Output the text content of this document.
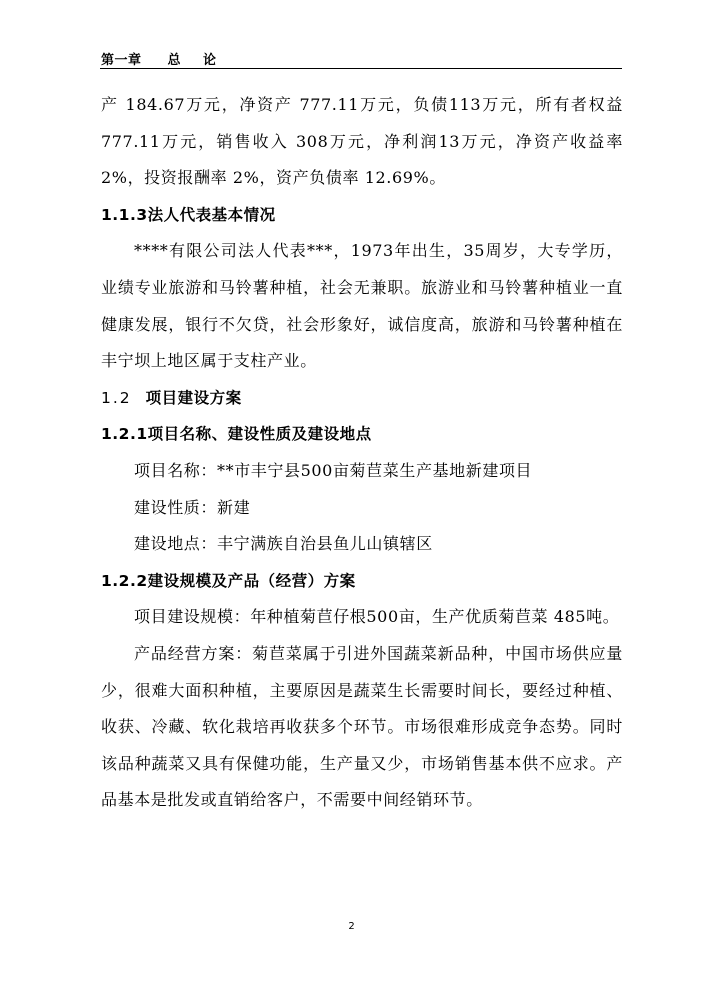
第一章 总 论

产 184.67万元，净资产 777.11万元，负债113万元，所有者权益777.11万元，销售收入 308万元，净利润13万元，净资产收益率 2%，投资报酬率 2%，资产负债率 12.69%。

1.1.3法人代表基本情况

****有限公司法人代表***，1973年出生，35周岁，大专学历，业绩专业旅游和马铃薯种植，社会无兼职。旅游业和马铃薯种植业一直健康发展，银行不欠贷，社会形象好，诚信度高，旅游和马铃薯种植在丰宁坝上地区属于支柱产业。

1.2 项目建设方案

1.2.1项目名称、建设性质及建设地点

项目名称：**市丰宁县500亩菊苣菜生产基地新建项目

建设性质：新建

建设地点：丰宁满族自治县鱼儿山镇辖区

1.2.2建设规模及产品（经营）方案

项目建设规模：年种植菊苣仔根500亩，生产优质菊苣菜 485吨。

产品经营方案：菊苣菜属于引进外国蔬菜新品种，中国市场供应量少，很难大面积种植，主要原因是蔬菜生长需要时间长，要经过种植、收获、冷藏、软化栽培再收获多个环节。市场很难形成竞争态势。同时该品种蔬菜又具有保健功能，生产量又少，市场销售基本供不应求。产品基本是批发或直销给客户，不需要中间经销环节。

2
